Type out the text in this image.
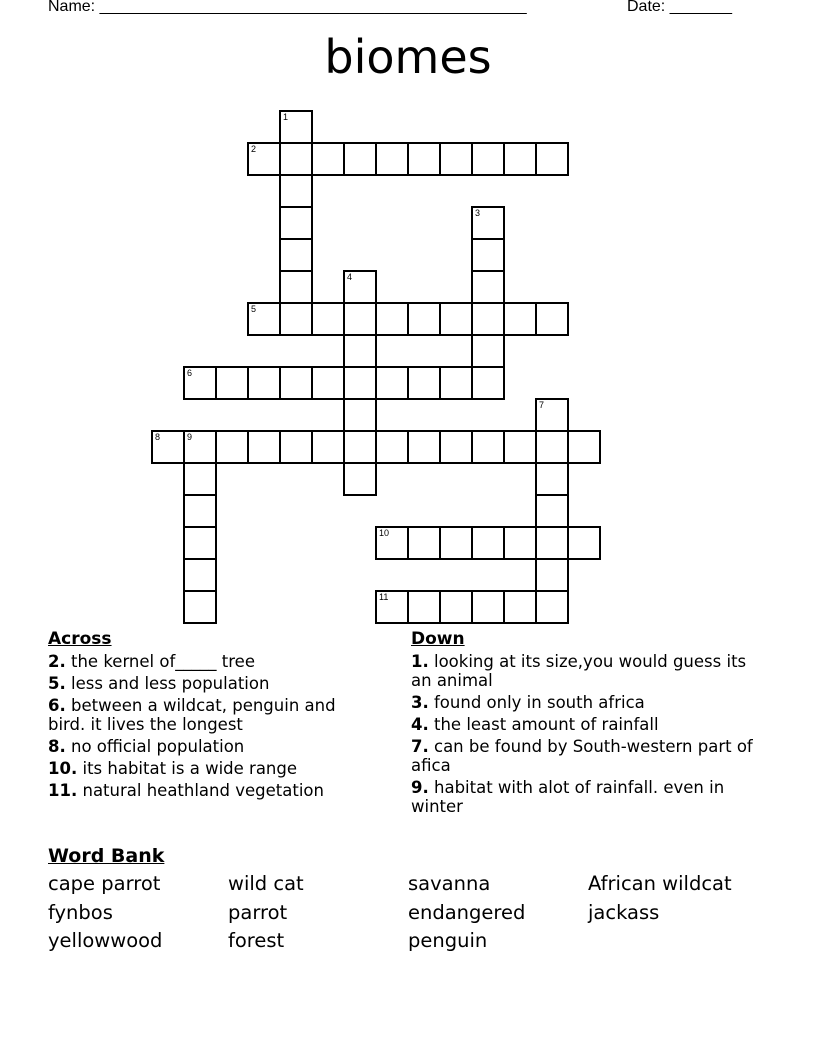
Name: ________________________________________________	Date: _______
biomes
1
2
3
4
5
6
7
8	9
10
11
Across
2. the kernel of_____ tree
5. less and less population
6. between a wildcat, penguin and bird. it lives the longest
8. no official population
10. its habitat is a wide range
11. natural heathland vegetation
Down
1. looking at its size,you would guess its an animal
3. found only in south africa
4. the least amount of rainfall
7. can be found by South-western part of afica
9. habitat with alot of rainfall. even in winter
Word Bank
cape parrot	wild cat	savanna	African wildcat
fynbos	parrot	endangered	jackass
yellowwood	forest	penguin
